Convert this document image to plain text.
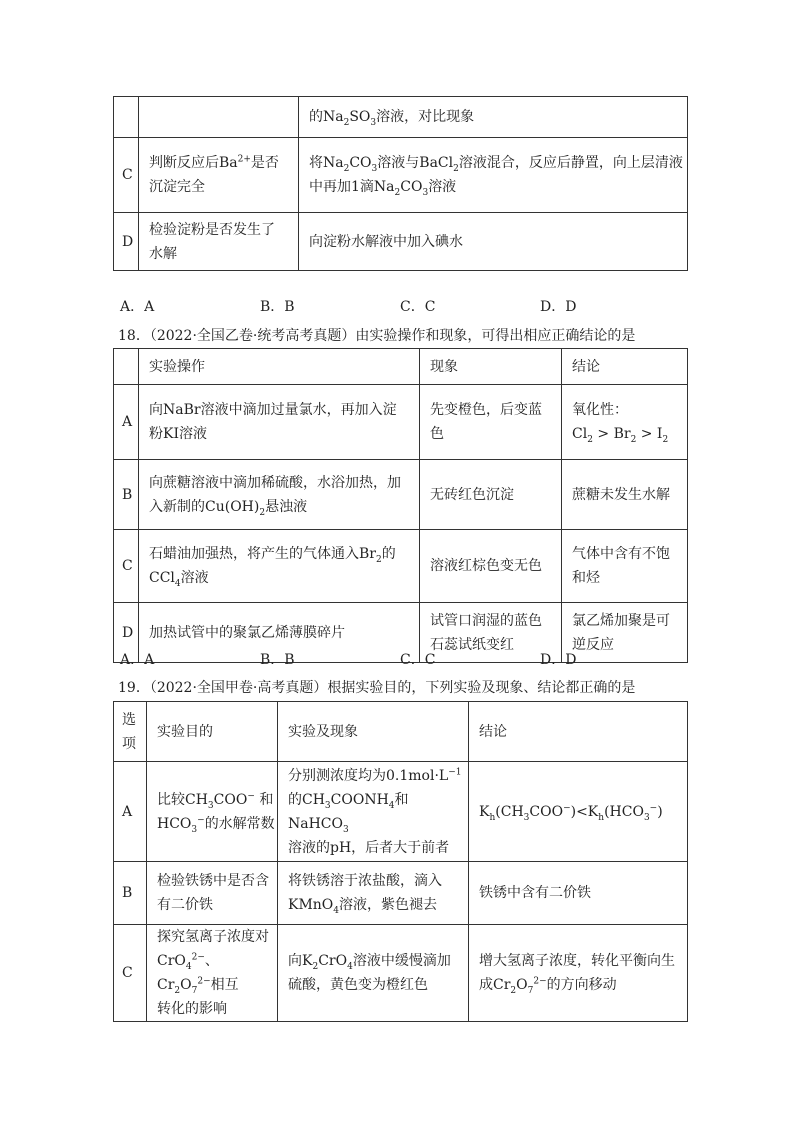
		的$Na_2SO_3$溶液，对比现象
C	判断反应后$Ba^{2+}$是否
沉淀完全	将$Na_2CO_3$溶液与BaCl$_2$溶液混合，反应后静置，向上层清液
中再加1滴$Na_2CO_3$溶液
D	检验淀粉是否发生了水解	向淀粉水解液中加入碘水
A．A	B．B	C．C	D．D
18．（2022·全国乙卷·统考高考真题）由实验操作和现象，可得出相应正确结论的是
	实验操作	现象	结论
A	向NaBr溶液中滴加过量氯水，再加入淀
粉KI溶液	先变橙色，后变蓝色	氧化性：
$Cl_2 > Br_2 > I_2$
B	向蔗糖溶液中滴加稀硫酸，水浴加热，加
入新制的$Cu(OH)_2$悬浊液	无砖红色沉淀	蔗糖未发生水解
C	石蜡油加强热，将产生的气体通入$Br_2$的
CCl$_4$溶液	溶液红棕色变无色	气体中含有不饱和烃
D	加热试管中的聚氯乙烯薄膜碎片	试管口润湿的蓝色石蕊试纸变红	氯乙烯加聚是可逆反应
A．A	B．B	C．C	D．D
19．（2022·全国甲卷·高考真题）根据实验目的，下列实验及现象、结论都正确的是
选
项	实验目的	实验及现象	结论
A	比较$CH_3COO^-$ 和
$HCO_3^-$的水解常数	分别测浓度均为$0.1mol\cdot L^{-1}$
的$CH_3COONH_4$和NaHCO$_3$
溶液的pH，后者大于前者	$K_h(CH_3COO^-)<K_h(HCO_3^-)$
B	检验铁锈中是否含有二价铁	将铁锈溶于浓盐酸，滴入
KMnO$_4$溶液，紫色褪去	铁锈中含有二价铁
C	探究氢离子浓度对
CrO$_4^{2-}$、$Cr_2O_7^{2-}$相互
转化的影响	向$K_2CrO_4$溶液中缓慢滴加
硫酸，黄色变为橙红色	增大氢离子浓度，转化平衡向生
成$Cr_2O_7^{2-}$的方向移动
